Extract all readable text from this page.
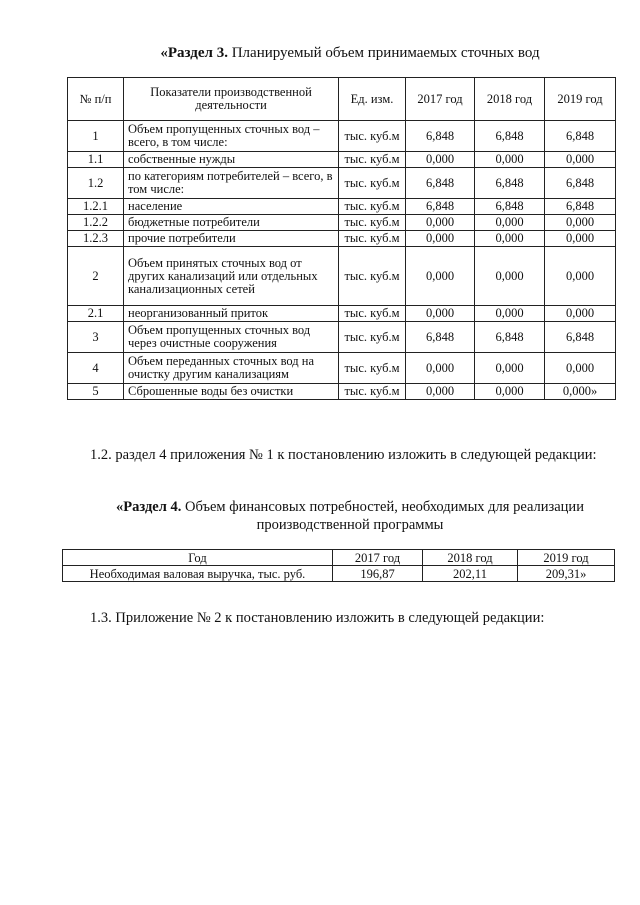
«Раздел 3. Планируемый объем принимаемых сточных вод
№ п/п	Показатели производственной деятельности	Ед. изм.	2017 год	2018 год	2019 год
1	Объем пропущенных сточных вод – всего, в том числе:	тыс. куб.м	6,848	6,848	6,848
1.1	собственные нужды	тыс. куб.м	0,000	0,000	0,000
1.2	по категориям потребителей – всего, в том числе:	тыс. куб.м	6,848	6,848	6,848
1.2.1	население	тыс. куб.м	6,848	6,848	6,848
1.2.2	бюджетные потребители	тыс. куб.м	0,000	0,000	0,000
1.2.3	прочие потребители	тыс. куб.м	0,000	0,000	0,000
2	Объем принятых сточных вод от других канализаций или отдельных канализационных сетей	тыс. куб.м	0,000	0,000	0,000
2.1	неорганизованный приток	тыс. куб.м	0,000	0,000	0,000
3	Объем пропущенных сточных вод через очистные сооружения	тыс. куб.м	6,848	6,848	6,848
4	Объем переданных сточных вод на очистку другим канализациям	тыс. куб.м	0,000	0,000	0,000
5	Сброшенные воды без очистки	тыс. куб.м	0,000	0,000	0,000»
1.2. раздел 4 приложения № 1 к постановлению изложить в следующей редакции:
«Раздел 4. Объем финансовых потребностей, необходимых для реализации производственной программы
Год	2017 год	2018 год	2019 год
Необходимая валовая выручка, тыс. руб.	196,87	202,11	209,31»
1.3. Приложение № 2 к постановлению изложить в следующей редакции:
